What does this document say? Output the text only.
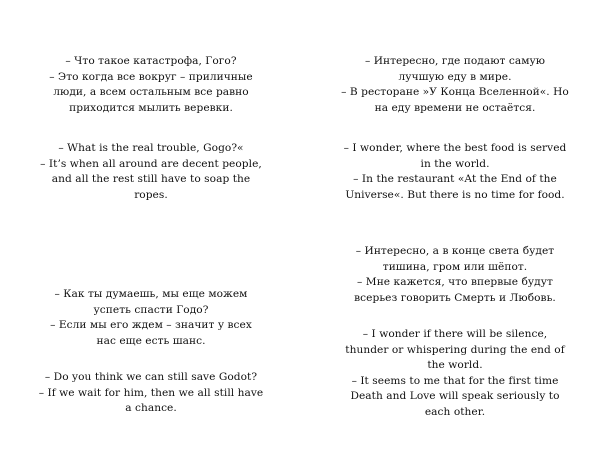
– Что такое катастрофа, Гого?
– Это когда все вокруг – приличные
люди, а всем остальным все равно
приходится мылить веревки.
– What is the real trouble, Gogo?«
– It’s when all around are decent people,
and all the rest still have to soap the
ropes.
– Интересно, где подают самую
лучшую еду в мире.
– В ресторане »У Конца Вселенной«. Но
на еду времени не остаётся.
– I wonder, where the best food is served
in the world.
– In the restaurant «At the End of the
Universe«. But there is no time for food.
– Как ты думаешь, мы еще можем
успеть спасти Годо?
– Если мы его ждем – значит у всех
нас еще есть шанс.
– Do you think we can still save Godot?
– If we wait for him, then we all still have
a chance.
– Интересно, а в конце света будет
тишина, гром или шёпот.
– Мне кажется, что впервые будут
всерьез говорить Смерть и Любовь.
– I wonder if there will be silence,
thunder or whispering during the end of
the world.
– It seems to me that for the first time
Death and Love will speak seriously to
each other.
